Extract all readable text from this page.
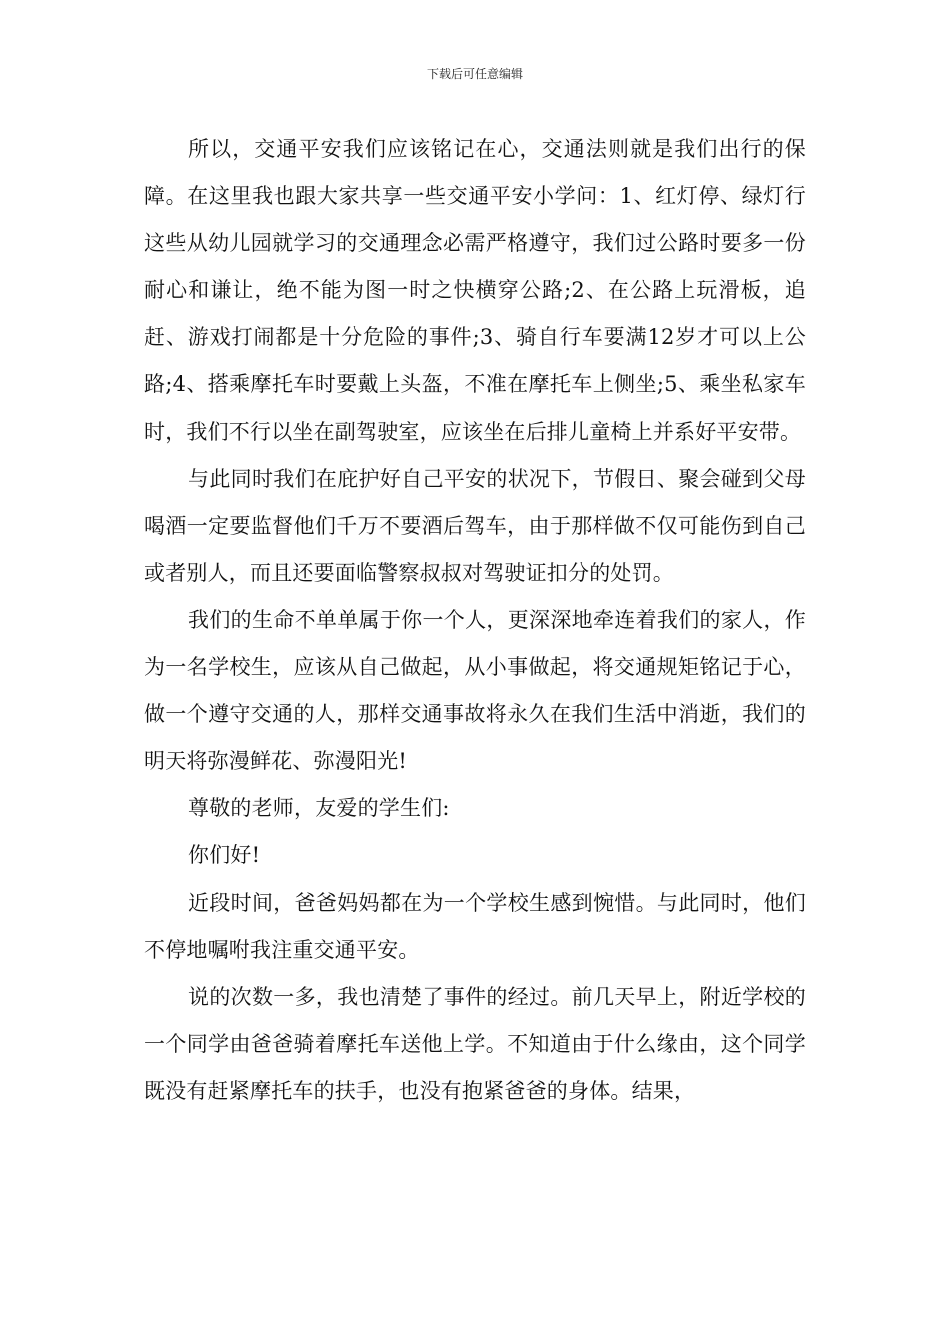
下载后可任意编辑

所以，交通平安我们应该铭记在心，交通法则就是我们出行的保障。在这里我也跟大家共享一些交通平安小学问：1、红灯停、绿灯行这些从幼儿园就学习的交通理念必需严格遵守，我们过公路时要多一份耐心和谦让，绝不能为图一时之快横穿公路;2、在公路上玩滑板，追赶、游戏打闹都是十分危险的事件;3、骑自行车要满12岁才可以上公路;4、搭乘摩托车时要戴上头盔，不准在摩托车上侧坐;5、乘坐私家车时，我们不行以坐在副驾驶室，应该坐在后排儿童椅上并系好平安带。

与此同时我们在庇护好自己平安的状况下，节假日、聚会碰到父母喝酒一定要监督他们千万不要酒后驾车，由于那样做不仅可能伤到自己或者别人，而且还要面临警察叔叔对驾驶证扣分的处罚。

我们的生命不单单属于你一个人，更深深地牵连着我们的家人，作为一名学校生，应该从自己做起，从小事做起，将交通规矩铭记于心，做一个遵守交通的人，那样交通事故将永久在我们生活中消逝，我们的明天将弥漫鲜花、弥漫阳光!

尊敬的老师，友爱的学生们:

你们好!

近段时间，爸爸妈妈都在为一个学校生感到惋惜。与此同时，他们不停地嘱咐我注重交通平安。

说的次数一多，我也清楚了事件的经过。前几天早上，附近学校的一个同学由爸爸骑着摩托车送他上学。不知道由于什么缘由，这个同学既没有赶紧摩托车的扶手，也没有抱紧爸爸的身体。结果，
